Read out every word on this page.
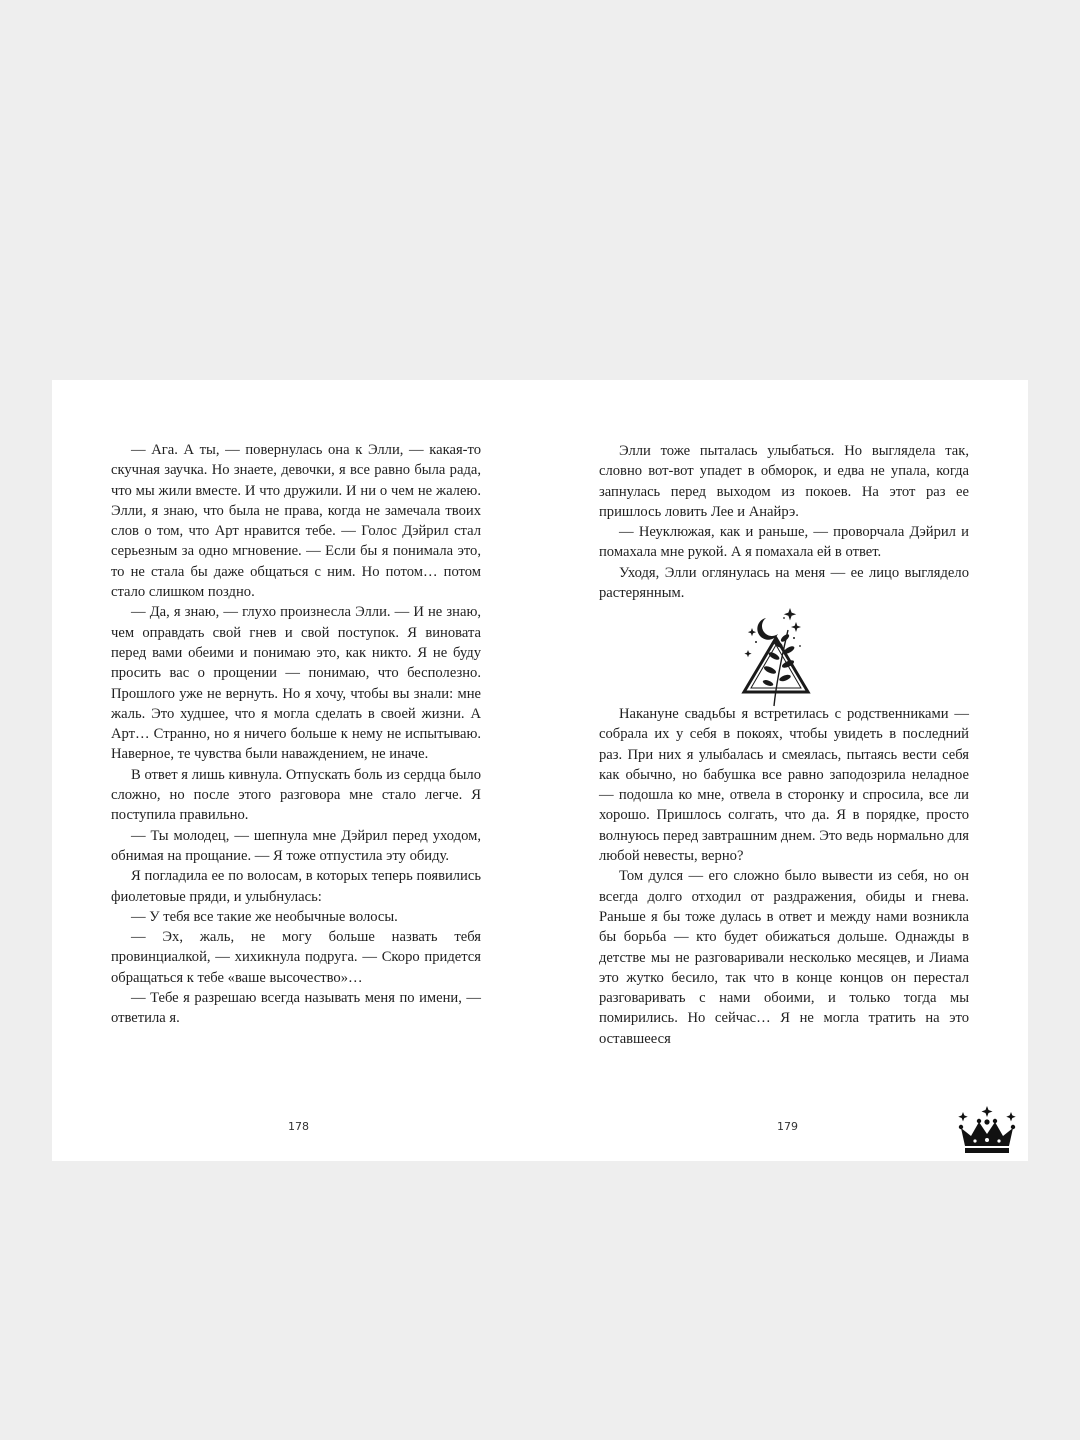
— Ага. А ты, — повернулась она к Элли, — какая-то скучная заучка. Но знаете, девочки, я все равно была рада, что мы жили вместе. И что дружили. И ни о чем не жалею. Элли, я знаю, что была не права, когда не замечала твоих слов о том, что Арт нравится тебе. — Голос Дэйрил стал серьезным за одно мгновение. — Если бы я понимала это, то не стала бы даже общаться с ним. Но потом… потом стало слишком поздно.

— Да, я знаю, — глухо произнесла Элли. — И не знаю, чем оправдать свой гнев и свой поступок. Я виновата перед вами обеими и понимаю это, как никто. Я не буду просить вас о прощении — понимаю, что бесполезно. Прошлого уже не вернуть. Но я хочу, чтобы вы знали: мне жаль. Это худшее, что я могла сделать в своей жизни. А Арт… Странно, но я ничего больше к нему не испытываю. Наверное, те чувства были наваждением, не иначе.

В ответ я лишь кивнула. Отпускать боль из сердца было сложно, но после этого разговора мне стало легче. Я поступила правильно.

— Ты молодец, — шепнула мне Дэйрил перед уходом, обнимая на прощание. — Я тоже отпустила эту обиду.

Я погладила ее по волосам, в которых теперь появились фиолетовые пряди, и улыбнулась:

— У тебя все такие же необычные волосы.

— Эх, жаль, не могу больше назвать тебя провинциалкой, — хихикнула подруга. — Скоро придется обращаться к тебе «ваше высочество»…

— Тебе я разрешаю всегда называть меня по имени, — ответила я.

178

Элли тоже пыталась улыбаться. Но выглядела так, словно вот-вот упадет в обморок, и едва не упала, когда запнулась перед выходом из покоев. На этот раз ее пришлось ловить Лее и Анайрэ.

— Неуклюжая, как и раньше, — проворчала Дэйрил и помахала мне рукой. А я помахала ей в ответ.

Уходя, Элли оглянулась на меня — ее лицо выглядело растерянным.

Накануне свадьбы я встретилась с родственниками — собрала их у себя в покоях, чтобы увидеть в последний раз. При них я улыбалась и смеялась, пытаясь вести себя как обычно, но бабушка все равно заподозрила неладное — подошла ко мне, отвела в сторонку и спросила, все ли хорошо. Пришлось солгать, что да. Я в порядке, просто волнуюсь перед завтрашним днем. Это ведь нормально для любой невесты, верно?

Том дулся — его сложно было вывести из себя, но он всегда долго отходил от раздражения, обиды и гнева. Раньше я бы тоже дулась в ответ и между нами возникла бы борьба — кто будет обижаться дольше. Однажды в детстве мы не разговаривали несколько месяцев, и Лиама это жутко бесило, так что в конце концов он перестал разговаривать с нами обоими, и только тогда мы помирились. Но сейчас… Я не могла тратить на это оставшееся

179
